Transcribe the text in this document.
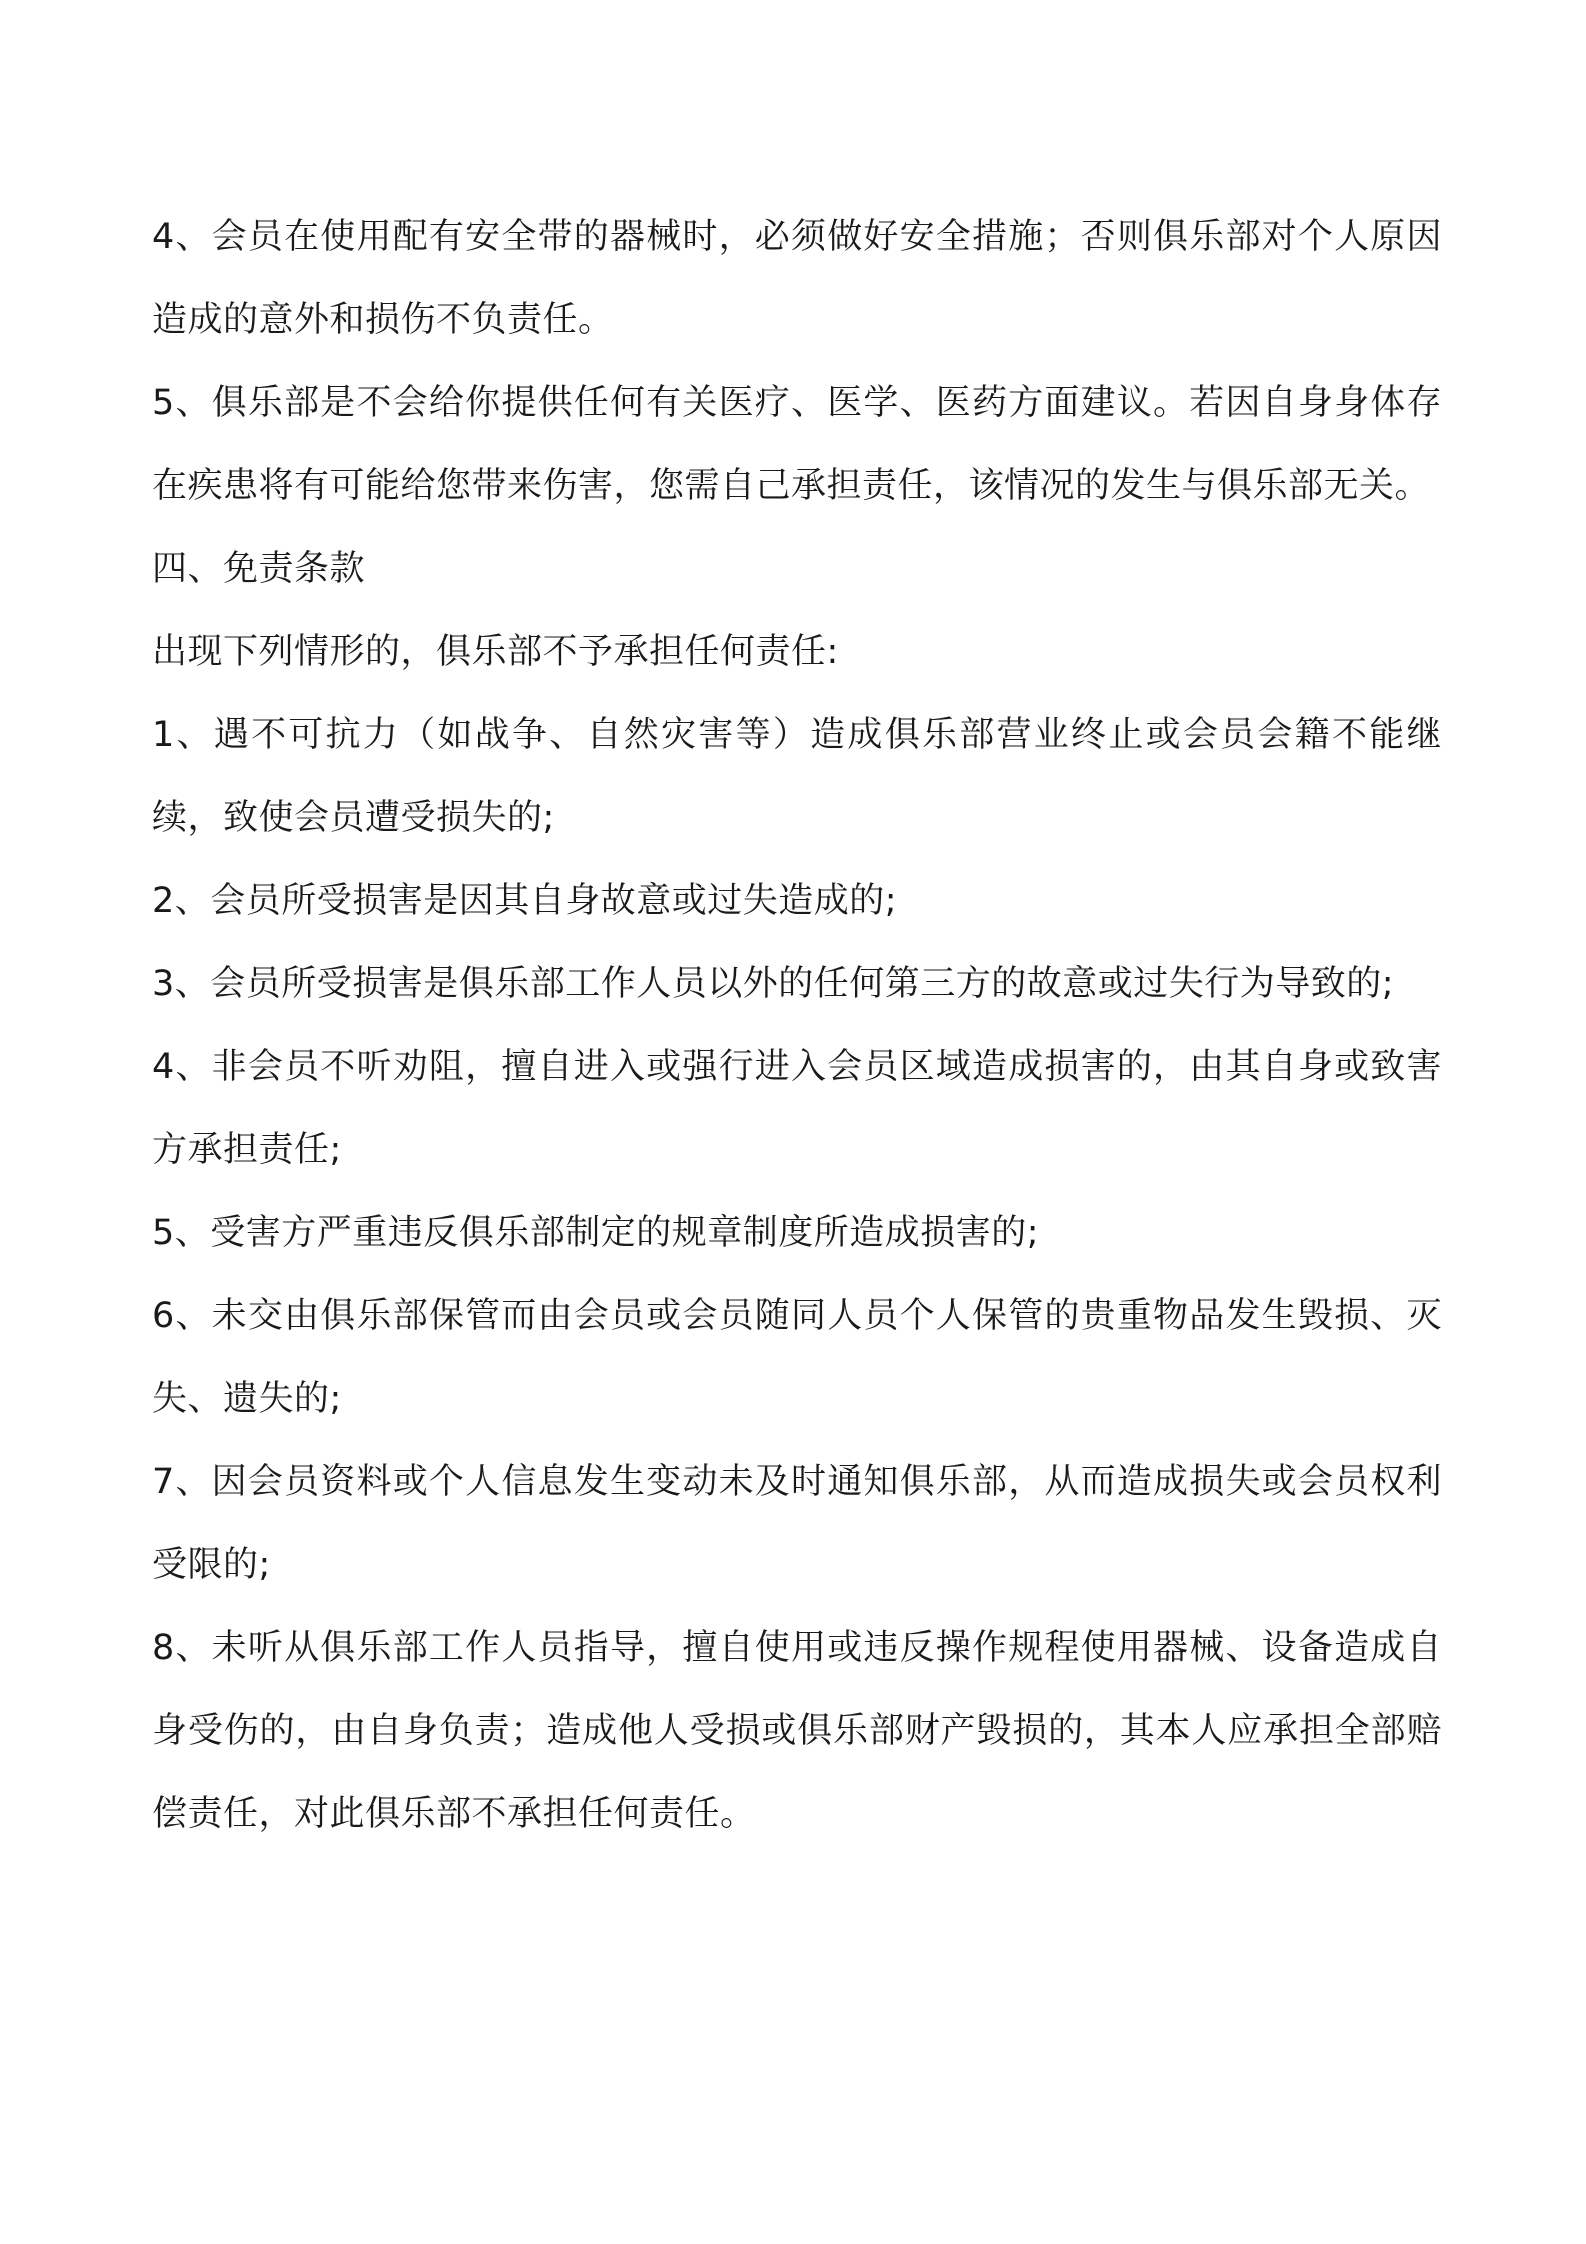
4、会员在使用配有安全带的器械时，必须做好安全措施；否则俱乐部对个人原因造成的意外和损伤不负责任。

5、俱乐部是不会给你提供任何有关医疗、医学、医药方面建议。若因自身身体存在疾患将有可能给您带来伤害，您需自己承担责任，该情况的发生与俱乐部无关。

四、免责条款

出现下列情形的，俱乐部不予承担任何责任:

1、遇不可抗力（如战争、自然灾害等）造成俱乐部营业终止或会员会籍不能继续，致使会员遭受损失的;

2、会员所受损害是因其自身故意或过失造成的;

3、会员所受损害是俱乐部工作人员以外的任何第三方的故意或过失行为导致的;

4、非会员不听劝阻，擅自进入或强行进入会员区域造成损害的，由其自身或致害方承担责任;

5、受害方严重违反俱乐部制定的规章制度所造成损害的;

6、未交由俱乐部保管而由会员或会员随同人员个人保管的贵重物品发生毁损、灭失、遗失的;

7、因会员资料或个人信息发生变动未及时通知俱乐部，从而造成损失或会员权利受限的;

8、未听从俱乐部工作人员指导，擅自使用或违反操作规程使用器械、设备造成自身受伤的，由自身负责；造成他人受损或俱乐部财产毁损的，其本人应承担全部赔偿责任，对此俱乐部不承担任何责任。
